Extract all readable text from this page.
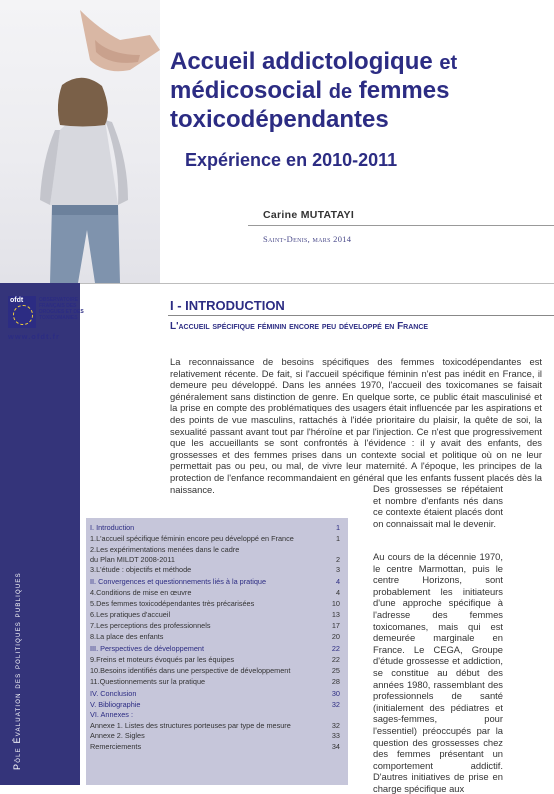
Pôle Évaluation des politiques publiques
Accueil addictologique et
médicosocial de femmes
toxicodépendantes
Expérience en 2010-2011
Carine MUTATAYI
Saint-Denis, mars 2014
ofdt	OBSERVATOIRE
FRANÇAIS DES
DROGUES ET DES
TOXICOMANIES
www.ofdt.fr
I - INTRODUCTION
L'accueil spécifique féminin encore peu développé en France
La reconnaissance de besoins spécifiques des femmes toxicodépendantes est relativement récente. De fait, si l'accueil spécifique féminin n'est pas inédit en France, il demeure peu développé. Dans les années 1970, l'accueil des toxicomanes se faisait généralement sans distinction de genre. En quelque sorte, ce public était masculinisé et la prise en compte des problématiques des usagers était influencée par les aspirations et des points de vue masculins, rattachés à l'idée prioritaire du plaisir, la quête de soi, la sexualité passant avant tout par l'héroïne et par l'injection. Ce n'est que progressivement que les accueillants se sont confrontés à l'évidence : il y avait des enfants, des grossesses et des femmes prises dans un contexte social et politique où on ne leur permettait pas ou peu, ou mal, de vivre leur maternité. A l'époque, les principes de la protection de l'enfance recommandaient en général que les enfants fussent placés dès la naissance.	Des grossesses se répétaient et nombre d'enfants nés dans ce contexte étaient placés dont on connaissait mal le devenir.
Au cours de la décennie 1970, le centre Marmottan, puis le centre Horizons, sont probablement les initiateurs d'une approche spécifique à l'adresse des femmes toxicomanes, mais qui est demeurée marginale en France. Le CEGA, Groupe d'étude grossesse et addiction, se constitue au début des années 1980, rassemblant des professionnels de santé (initialement des pédiatres et sages-femmes, pour l'essentiel) préoccupés par la question des grossesses chez des femmes présentant un comportement addictif. D'autres initiatives de prise en charge spécifique aux
I. Introduction	1
1.L'accueil spécifique féminin encore peu développé en France	1
2.Les expérimentations menées dans le cadre
du Plan MILDT 2008-2011	2
3.L'étude : objectifs et méthode	3
II. Convergences et questionnements liés à la pratique	4
4.Conditions de mise en œuvre	4
5.Des femmes toxicodépendantes très précarisées	10
6.Les pratiques d'accueil	13
7.Les perceptions des professionnels	17
8.La place des enfants	20
III. Perspectives de développement	22
9.Freins et moteurs évoqués par les équipes	22
10.Besoins identifiés dans une perspective de développement	25
11.Questionnements sur la pratique	28
IV. Conclusion	30
V. Bibliographie	32
VI. Annexes :
Annexe 1. Listes des structures porteuses par type de mesure	32
Annexe 2. Sigles	33
Remerciements	34
